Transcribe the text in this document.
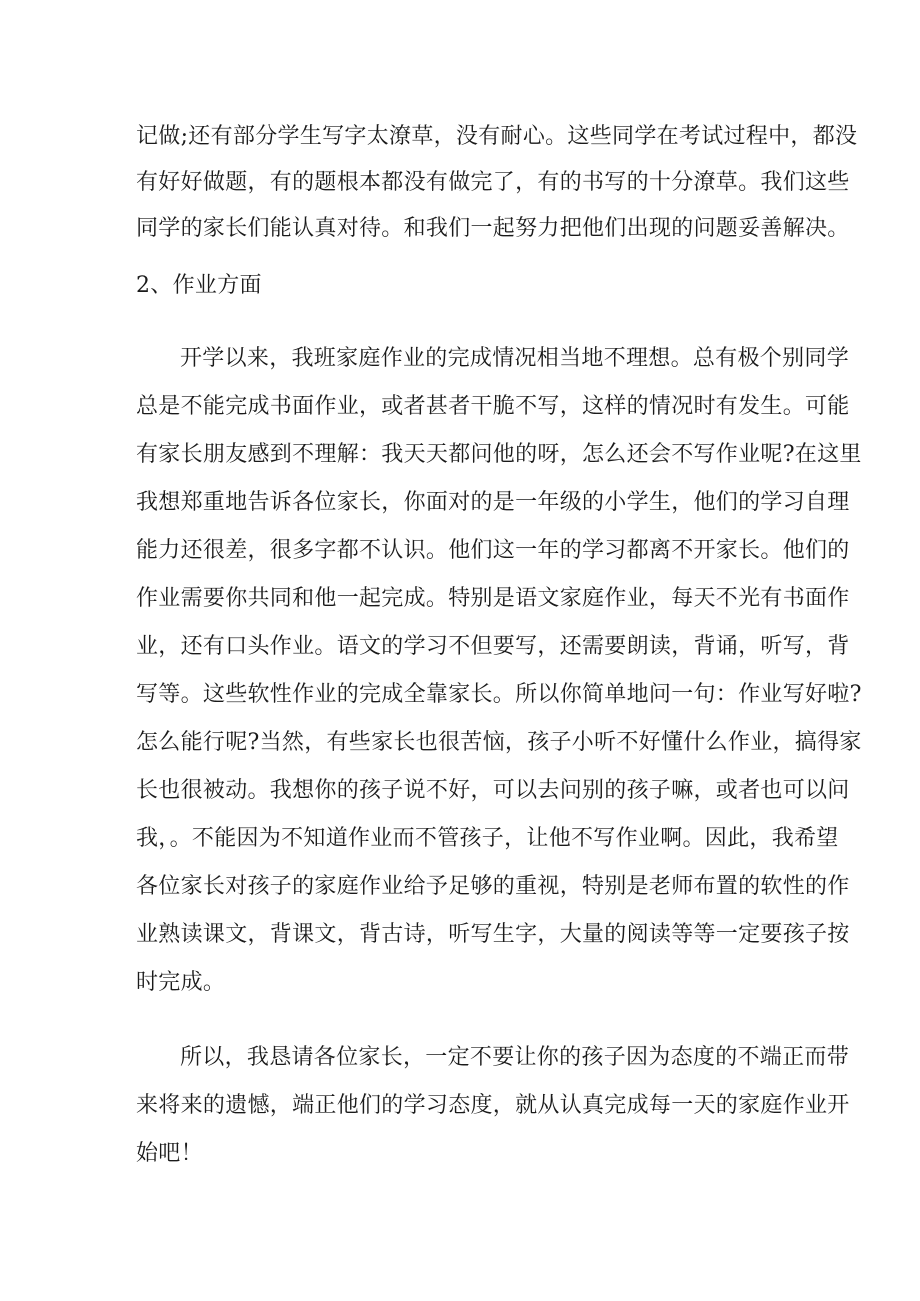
记做;还有部分学生写字太潦草，没有耐心。这些同学在考试过程中，都没
有好好做题，有的题根本都没有做完了，有的书写的十分潦草。我们这些
同学的家长们能认真对待。和我们一起努力把他们出现的问题妥善解决。
2、作业方面
开学以来，我班家庭作业的完成情况相当地不理想。总有极个别同学
总是不能完成书面作业，或者甚者干脆不写，这样的情况时有发生。可能
有家长朋友感到不理解：我天天都问他的呀，怎么还会不写作业呢?在这里
我想郑重地告诉各位家长，你面对的是一年级的小学生，他们的学习自理
能力还很差，很多字都不认识。他们这一年的学习都离不开家长。他们的
作业需要你共同和他一起完成。特别是语文家庭作业，每天不光有书面作
业，还有口头作业。语文的学习不但要写，还需要朗读，背诵，听写，背
写等。这些软性作业的完成全靠家长。所以你简单地问一句：作业写好啦?
怎么能行呢?当然，有些家长也很苦恼，孩子小听不好懂什么作业，搞得家
长也很被动。我想你的孩子说不好，可以去问别的孩子嘛，或者也可以问
我，。不能因为不知道作业而不管孩子，让他不写作业啊。因此，我希望
各位家长对孩子的家庭作业给予足够的重视，特别是老师布置的软性的作
业熟读课文，背课文，背古诗，听写生字，大量的阅读等等一定要孩子按
时完成。
所以，我恳请各位家长，一定不要让你的孩子因为态度的不端正而带
来将来的遗憾，端正他们的学习态度，就从认真完成每一天的家庭作业开
始吧！
